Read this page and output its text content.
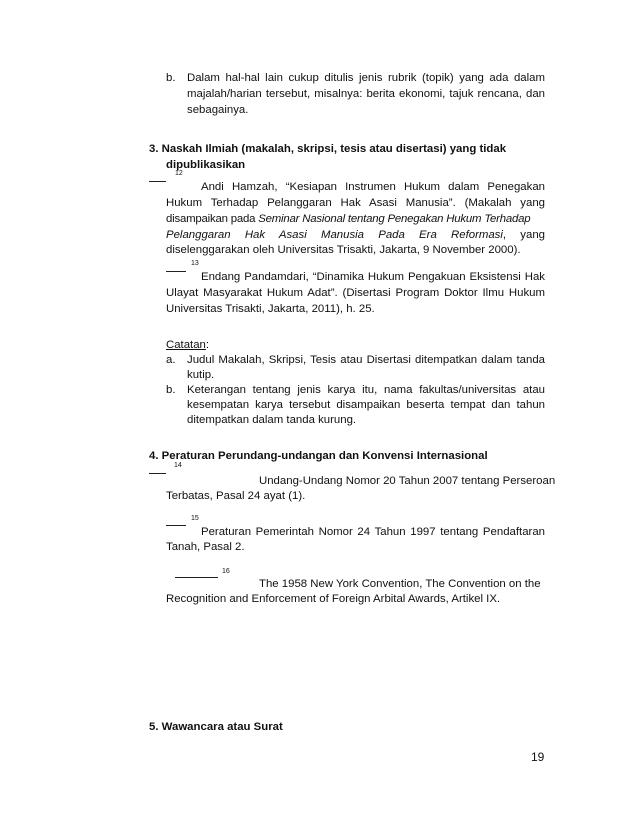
b. Dalam hal-hal lain cukup ditulis jenis rubrik (topik) yang ada dalam
majalah/harian tersebut, misalnya: berita ekonomi, tajuk rencana, dan
sebagainya.
3. Naskah Ilmiah (makalah, skripsi, tesis atau disertasi) yang tidak
dipublikasikan
12
Andi Hamzah, “Kesiapan Instrumen Hukum dalam Penegakan
Hukum Terhadap Pelanggaran Hak Asasi Manusia”. (Makalah yang
disampaikan pada Seminar Nasional tentang Penegakan Hukum Terhadap
Pelanggaran Hak Asasi Manusia Pada Era Reformasi, yang
diselenggarakan oleh Universitas Trisakti, Jakarta, 9 November 2000).
13
Endang Pandamdari, “Dinamika Hukum Pengakuan Eksistensi Hak
Ulayat Masyarakat Hukum Adat”. (Disertasi Program Doktor Ilmu Hukum
Universitas Trisakti, Jakarta, 2011), h. 25.
Catatan:
a. Judul Makalah, Skripsi, Tesis atau Disertasi ditempatkan dalam tanda
kutip.
b. Keterangan tentang jenis karya itu, nama fakultas/universitas atau
kesempatan karya tersebut disampaikan beserta tempat dan tahun
ditempatkan dalam tanda kurung.
4. Peraturan Perundang-undangan dan Konvensi Internasional
14
Undang-Undang Nomor 20 Tahun 2007 tentang Perseroan
Terbatas, Pasal 24 ayat (1).
15
Peraturan Pemerintah Nomor 24 Tahun 1997 tentang Pendaftaran
Tanah, Pasal 2.
16
The 1958 New York Convention, The Convention on the
Recognition and Enforcement of Foreign Arbital Awards, Artikel IX.
5. Wawancara atau Surat
19
